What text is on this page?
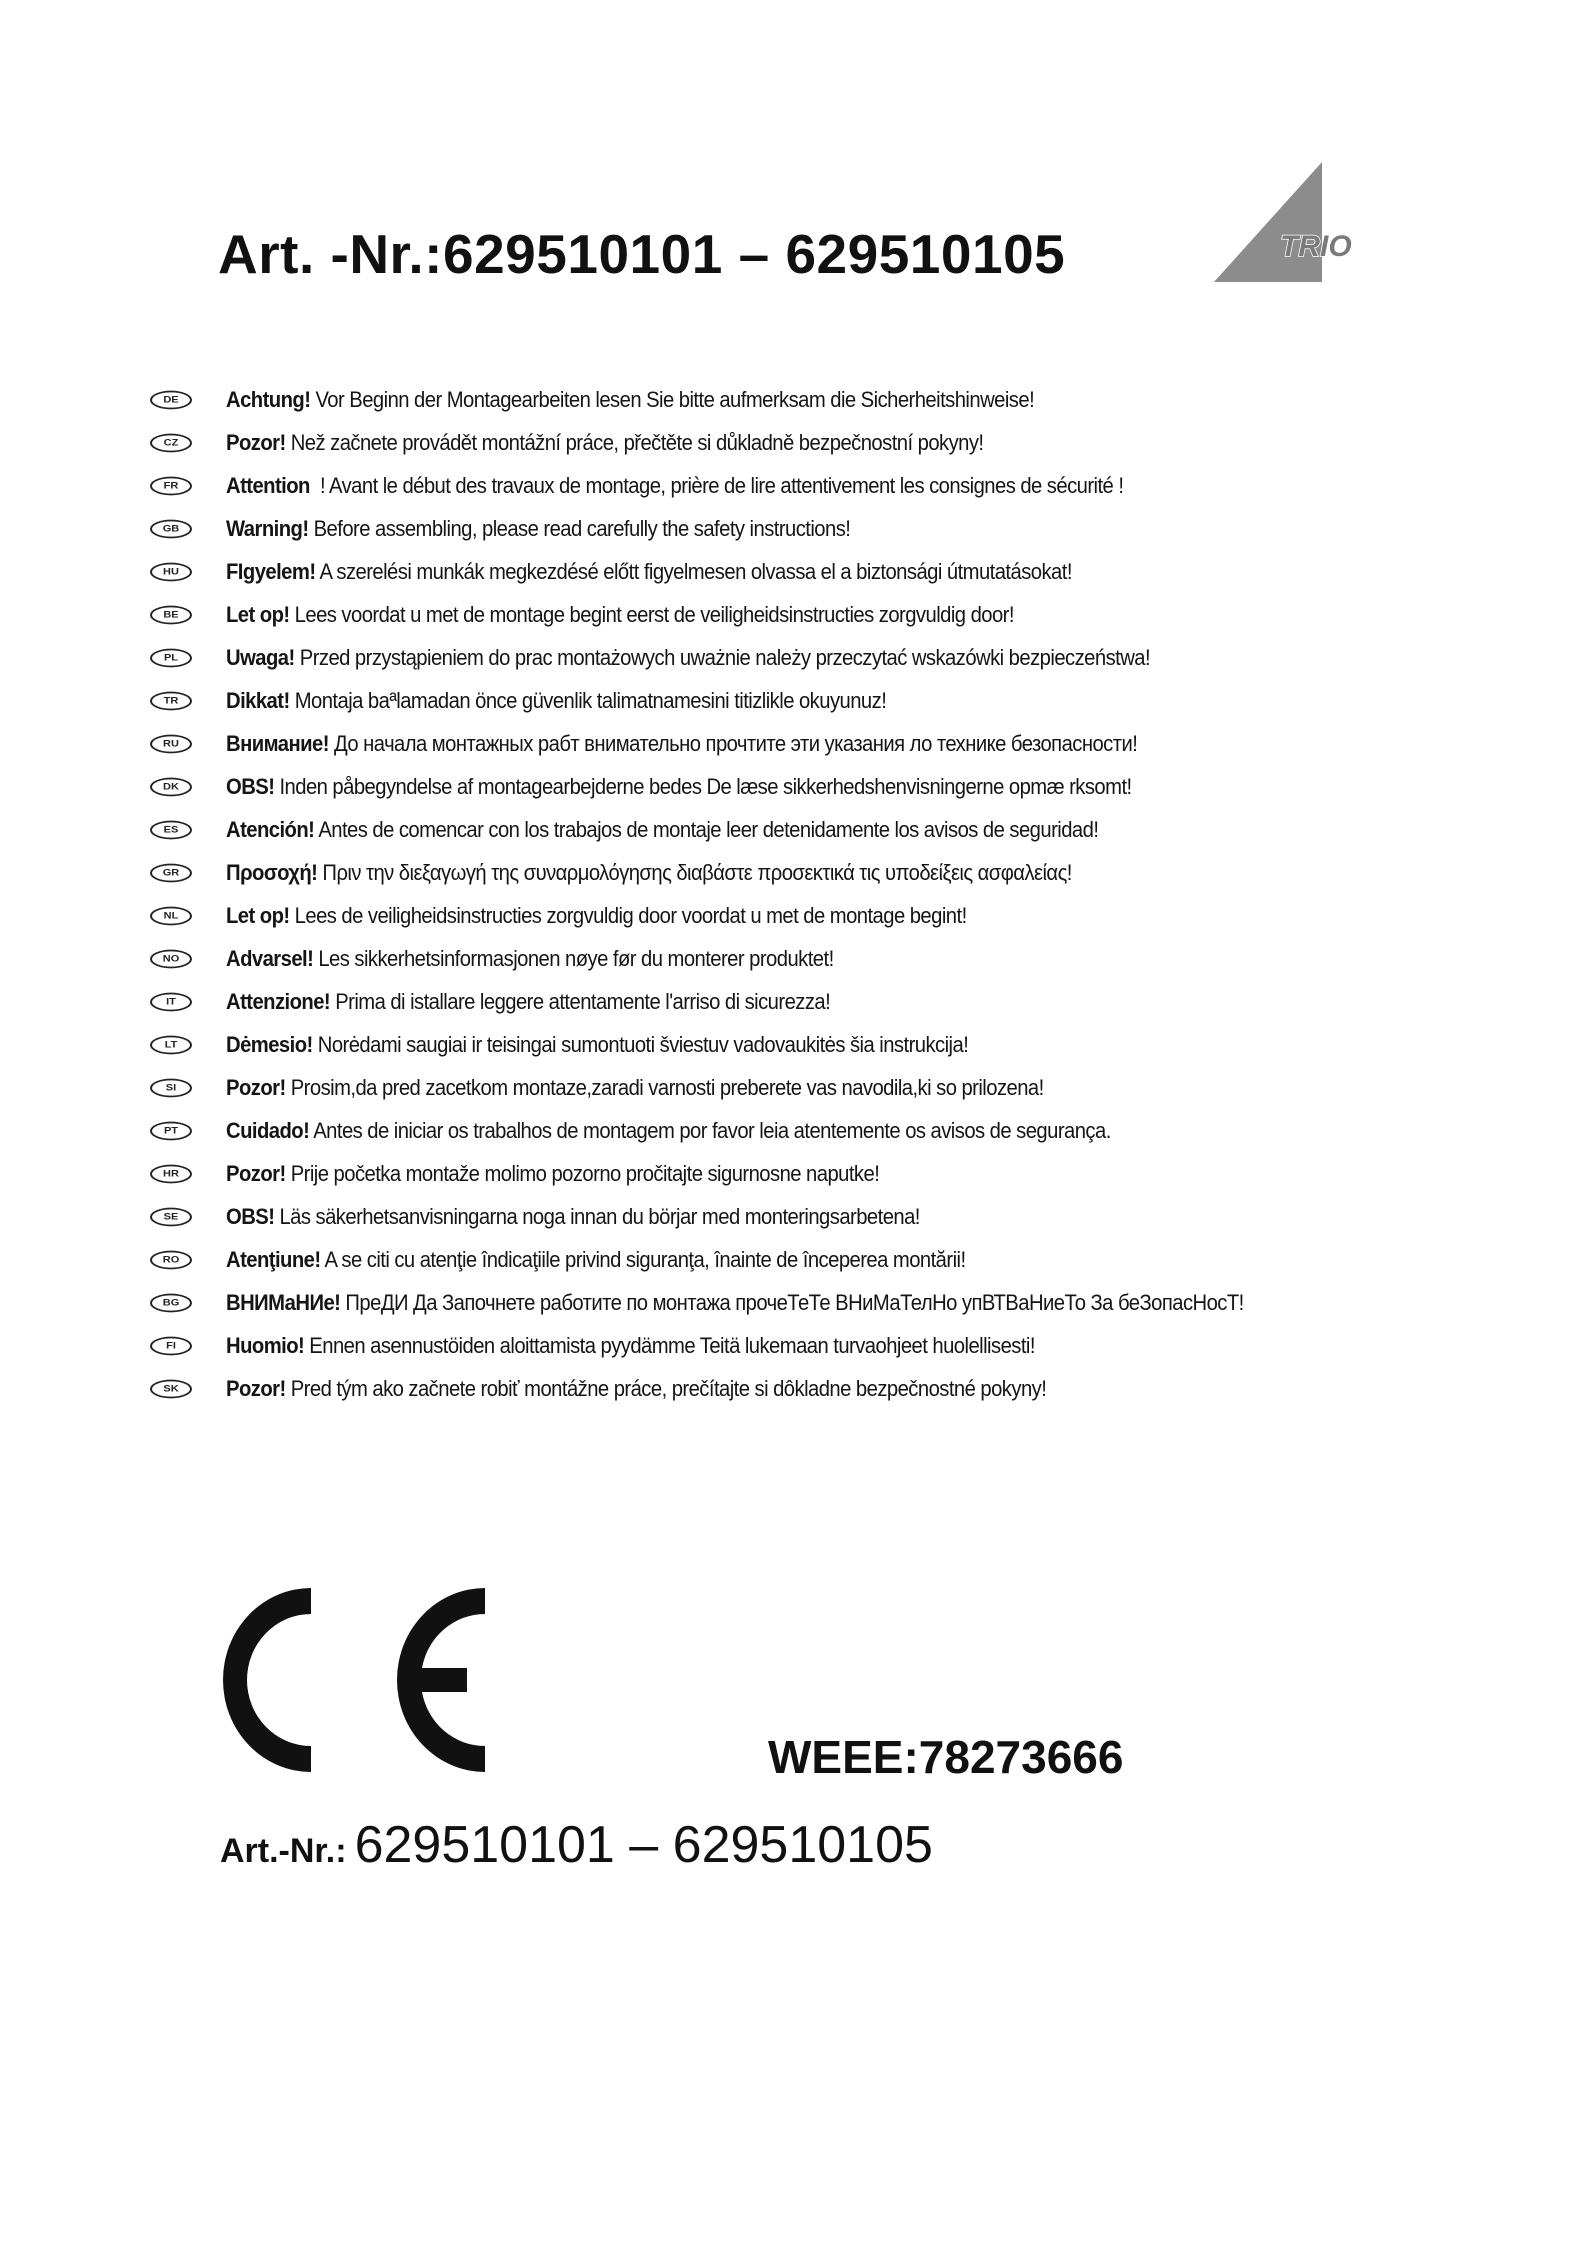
Art. -Nr.:629510101 – 629510105	TRIO
DE	Achtung! Vor Beginn der Montagearbeiten lesen Sie bitte aufmerksam die Sicherheitshinweise!
CZ	Pozor! Než začnete provádět montážní práce, přečtěte si důkladně bezpečnostní pokyny!
FR	Attention  ! Avant le début des travaux de montage, prière de lire attentivement les consignes de sécurité !
GB	Warning! Before assembling, please read carefully the safety instructions!
HU	FIgyelem! A szerelési munkák megkezdésé előtt figyelmesen olvassa el a biztonsági útmutatásokat!
BE	Let op! Lees voordat u met de montage begint eerst de veiligheidsinstructies zorgvuldig door!
PL	Uwaga! Przed przystąpieniem do prac montażowych uważnie należy przeczytać wskazówki bezpieczeństwa!
TR	Dikkat! Montaja baªlamadan önce güvenlik talimatnamesini titizlikle okuyunuz!
RU	Внимание! До начала монтажных рабт внимательно прочтите эти указания ло технике безопасности!
DK	OBS! Inden påbegyndelse af montagearbejderne bedes De læse sikkerhedshenvisningerne opmæ rksomt!
ES	Atención! Antes de comencar con los trabajos de montaje leer detenidamente los avisos de seguridad!
GR	Προσοχή! Πριν την διεξαγωγή της συναρμολόγησης διαβάστε προσεκτικά τις υποδείξεις ασφαλείας!
NL	Let op! Lees de veiligheidsinstructies zorgvuldig door voordat u met de montage begint!
NO	Advarsel! Les sikkerhetsinformasjonen nøye før du monterer produktet!
IT	Attenzione! Prima di istallare leggere attentamente l'arriso di sicurezza!
LT	Dėmesio! Norėdami saugiai ir teisingai sumontuoti šviestuv vadovaukitės šia instrukcija!
SI	Pozor! Prosim,da pred zacetkom montaze,zaradi varnosti preberete vas navodila,ki so prilozena!
PT	Cuidado! Antes de iniciar os trabalhos de montagem por favor leia atentemente os avisos de segurança.
HR	Pozor! Prije početka montaže molimo pozorno pročitajte sigurnosne naputke!
SE	OBS! Läs säkerhetsanvisningarna noga innan du börjar med monteringsarbetena!
RO	Atenţiune! A se citi cu atenţie îndicaţiile privind siguranţa, înainte de începerea montării!
BG	ВНИМаНИе! ПреДИ Да Започнете работите по монтажа прочеТеТе ВНиМаТелНо упВТВаНиеТо За беЗопасНосТ!
FI	Huomio! Ennen asennustöiden aloittamista pyydämme Teitä lukemaan turvaohjeet huolellisesti!
SK	Pozor! Pred tým ako začnete robiť montážne práce, prečítajte si dôkladne bezpečnostné pokyny!
WEEE:78273666
Art.-Nr.: 629510101 – 629510105
